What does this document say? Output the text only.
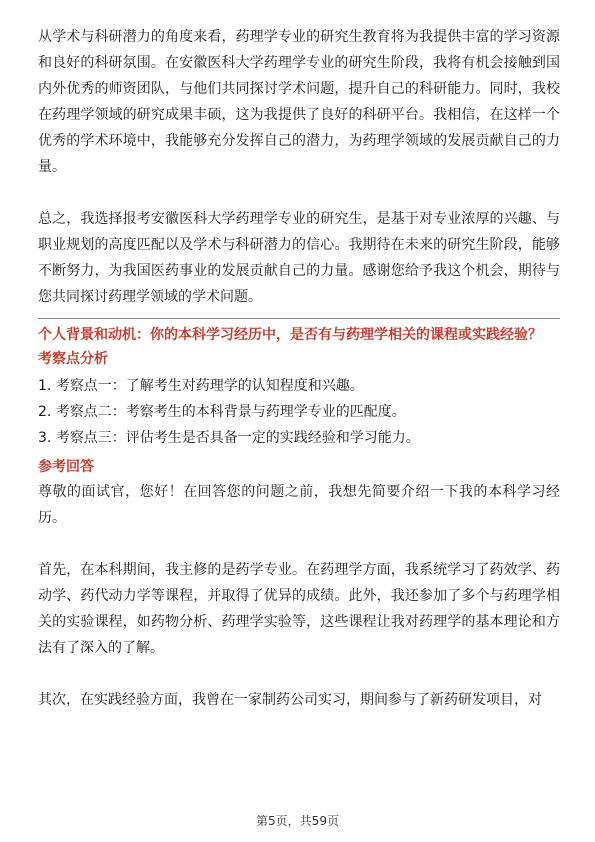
从学术与科研潜力的角度来看，药理学专业的研究生教育将为我提供丰富的学习资源和良好的科研氛围。在安徽医科大学药理学专业的研究生阶段，我将有机会接触到国内外优秀的师资团队，与他们共同探讨学术问题，提升自己的科研能力。同时，我校在药理学领域的研究成果丰硕，这为我提供了良好的科研平台。我相信，在这样一个优秀的学术环境中，我能够充分发挥自己的潜力，为药理学领域的发展贡献自己的力量。

总之，我选择报考安徽医科大学药理学专业的研究生，是基于对专业浓厚的兴趣、与职业规划的高度匹配以及学术与科研潜力的信心。我期待在未来的研究生阶段，能够不断努力，为我国医药事业的发展贡献自己的力量。感谢您给予我这个机会，期待与您共同探讨药理学领域的学术问题。

个人背景和动机：你的本科学习经历中，是否有与药理学相关的课程或实践经验？

考察点分析

1. 考察点一：了解考生对药理学的认知程度和兴趣。
2. 考察点二：考察考生的本科背景与药理学专业的匹配度。
3. 考察点三：评估考生是否具备一定的实践经验和学习能力。

参考回答

尊敬的面试官，您好！在回答您的问题之前，我想先简要介绍一下我的本科学习经历。

首先，在本科期间，我主修的是药学专业。在药理学方面，我系统学习了药效学、药动学、药代动力学等课程，并取得了优异的成绩。此外，我还参加了多个与药理学相关的实验课程，如药物分析、药理学实验等，这些课程让我对药理学的基本理论和方法有了深入的了解。

其次，在实践经验方面，我曾在一家制药公司实习，期间参与了新药研发项目，对

第5页，共59页
